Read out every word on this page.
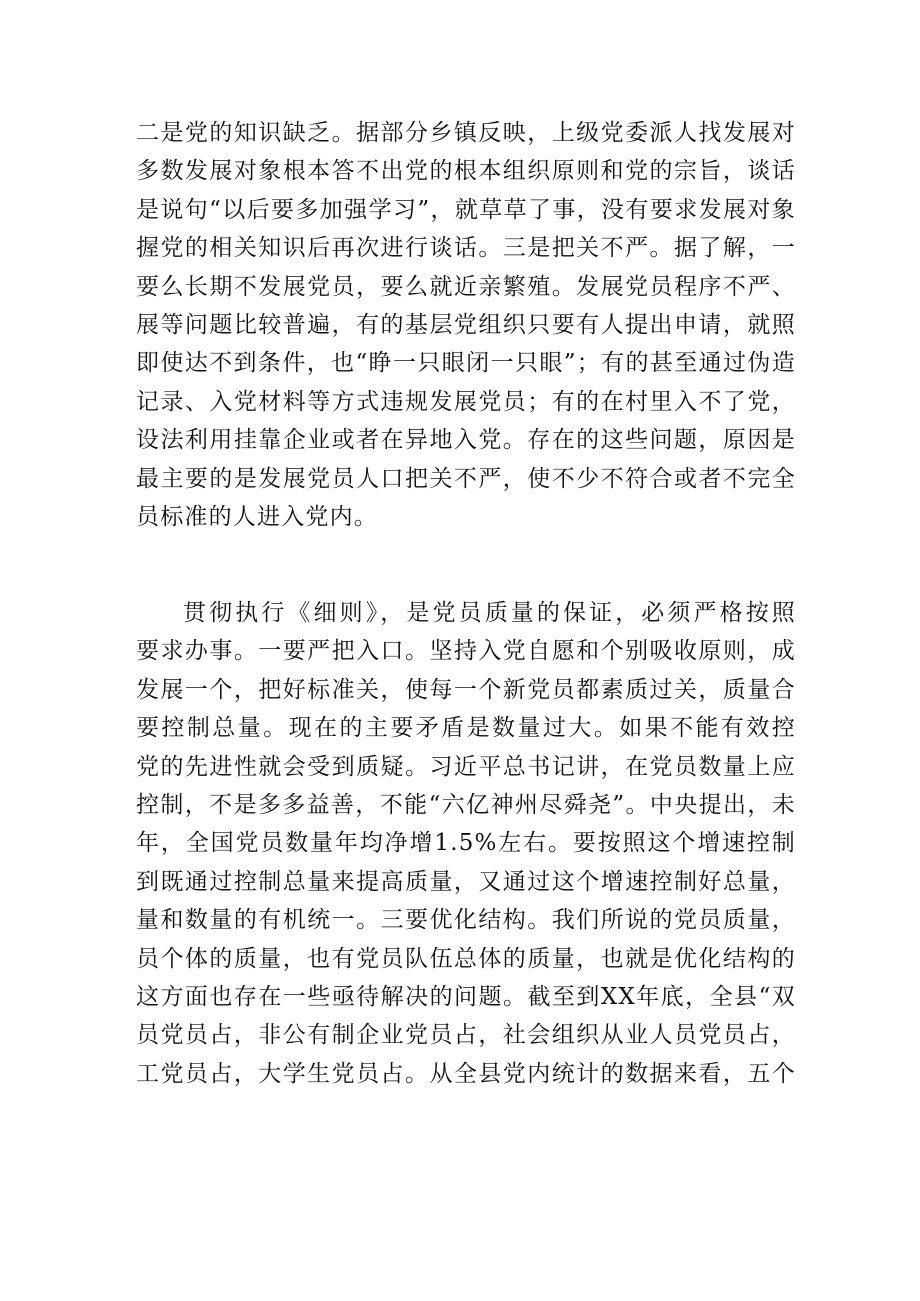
二是党的知识缺乏。据部分乡镇反映，上级党委派人找发展对
多数发展对象根本答不出党的根本组织原则和党的宗旨，谈话
是说句“以后要多加强学习”，就草草了事，没有要求发展对象
握党的相关知识后再次进行谈话。三是把关不严。据了解，一
要么长期不发展党员，要么就近亲繁殖。发展党员程序不严、
展等问题比较普遍，有的基层党组织只要有人提出申请，就照
即使达不到条件，也“睁一只眼闭一只眼”；有的甚至通过伪造
记录、入党材料等方式违规发展党员；有的在村里入不了党，
设法利用挂靠企业或者在异地入党。存在的这些问题，原因是
最主要的是发展党员人口把关不严，使不少不符合或者不完全
员标准的人进入党内。
贯彻执行《细则》，是党员质量的保证，必须严格按照
要求办事。一要严把入口。坚持入党自愿和个别吸收原则，成
发展一个，把好标准关，使每一个新党员都素质过关，质量合
要控制总量。现在的主要矛盾是数量过大。如果不能有效控
党的先进性就会受到质疑。习近平总书记讲，在党员数量上应
控制，不是多多益善，不能“六亿神州尽舜尧”。中央提出，未
年，全国党员数量年均净增1.5%左右。要按照这个增速控制
到既通过控制总量来提高质量，又通过这个增速控制好总量，
量和数量的有机统一。三要优化结构。我们所说的党员质量，
员个体的质量，也有党员队伍总体的质量，也就是优化结构的
这方面也存在一些亟待解决的问题。截至到XX年底，全县“双
员党员占，非公有制企业党员占，社会组织从业人员党员占，
工党员占，大学生党员占。从全县党内统计的数据来看，五个
